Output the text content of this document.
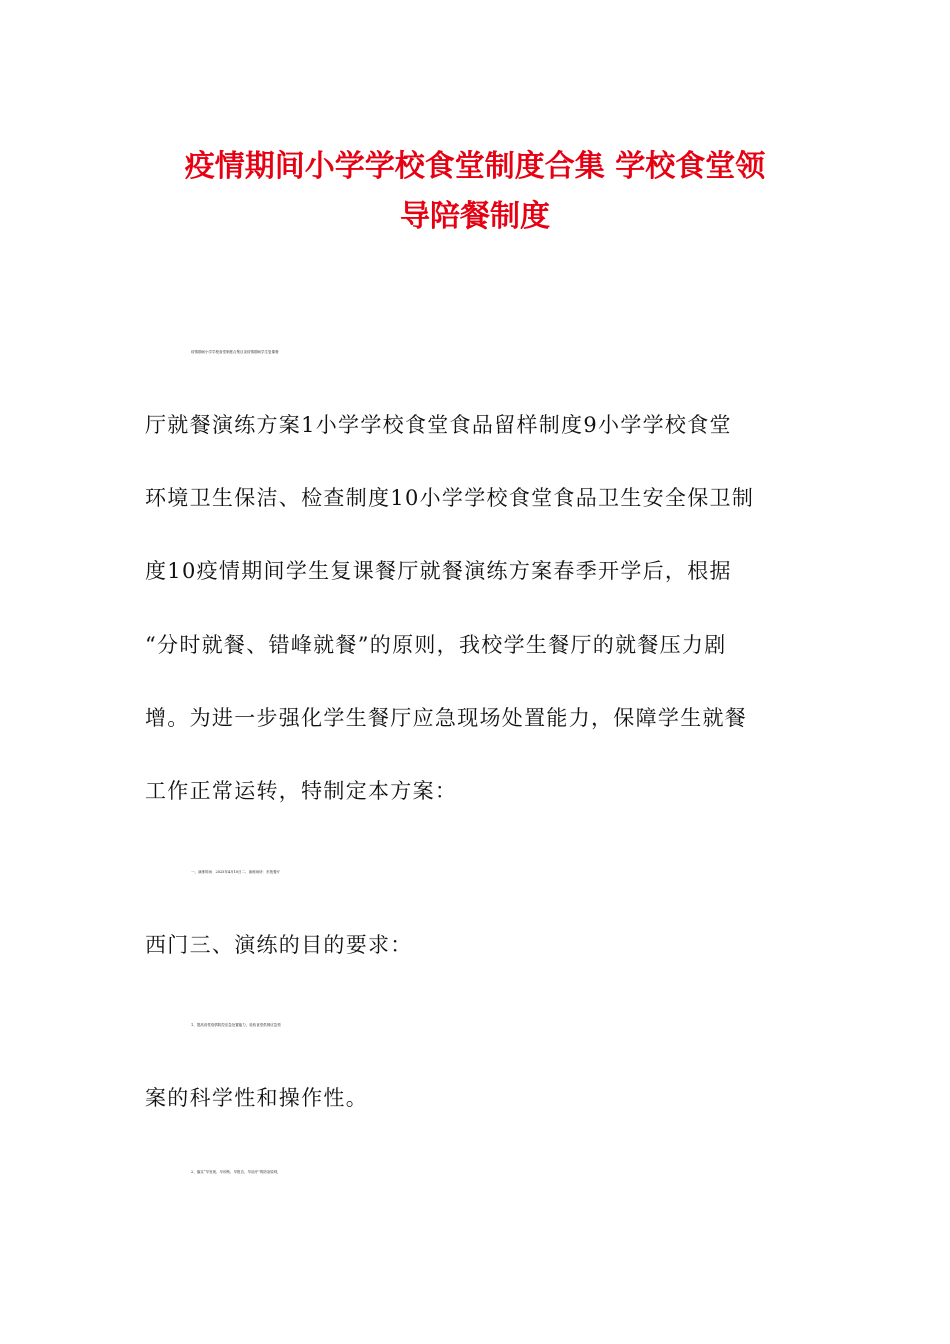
疫情期间小学学校食堂制度合集 学校食堂领
导陪餐制度

疫情期间小学学校食堂制度合集目录疫情期间学生复课餐

厅就餐演练方案1小学学校食堂食品留样制度9小学学校食堂

环境卫生保洁、检查制度10小学学校食堂食品卫生安全保卫制

度10疫情期间学生复课餐厅就餐演练方案春季开学后，根据

“分时就餐、错峰就餐”的原则，我校学生餐厅的就餐压力剧

增。为进一步强化学生餐厅应急现场处置能力，保障学生就餐

工作正常运转，特制定本方案：

一、演练时间：2025年4月10日二、演练场所：东苑餐厅

西门三、演练的目的要求：

1、提高食堂疫情防控应急处置能力，检验食堂供餐应急预

案的科学性和操作性。

2、落实“早发现、早诊断、早报告、早治疗”的防治原则，
